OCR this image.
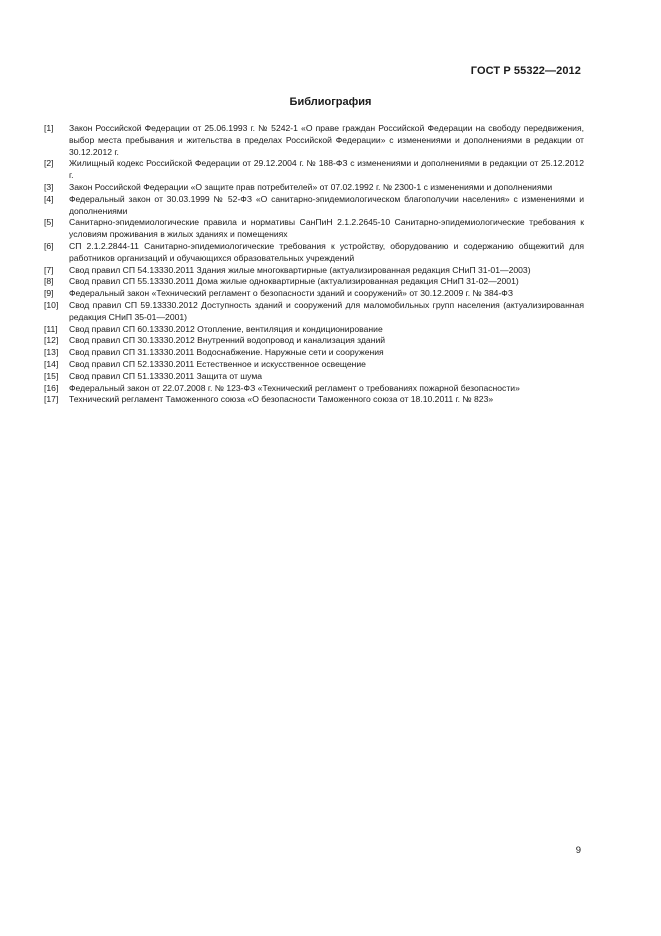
ГОСТ Р 55322—2012
Библиография
[1]	Закон Российской Федерации от 25.06.1993 г. № 5242-1 «О праве граждан Российской Федерации на свободу передвижения, выбор места пребывания и жительства в пределах Российской Федерации» с изменениями и дополнениями в редакции от 30.12.2012 г.
[2]	Жилищный кодекс Российской Федерации от 29.12.2004 г. № 188-ФЗ с изменениями и дополнениями в редакции от 25.12.2012 г.
[3]	Закон Российской Федерации «О защите прав потребителей» от 07.02.1992 г. № 2300-1 с изменениями и дополнениями
[4]	Федеральный закон от 30.03.1999 № 52-ФЗ «О санитарно-эпидемиологическом благополучии населения» с изменениями и дополнениями
[5]	Санитарно-эпидемиологические правила и нормативы СанПиН 2.1.2.2645-10 Санитарно-эпидемиологические требования к условиям проживания в жилых зданиях и помещениях
[6]	СП 2.1.2.2844-11 Санитарно-эпидемиологические требования к устройству, оборудованию и содержанию общежитий для работников организаций и обучающихся образовательных учреждений
[7]	Свод правил СП 54.13330.2011 Здания жилые многоквартирные (актуализированная редакция СНиП 31-01—2003)
[8]	Свод правил СП 55.13330.2011 Дома жилые одноквартирные (актуализированная редакция СНиП 31-02—2001)
[9]	Федеральный закон «Технический регламент о безопасности зданий и сооружений» от 30.12.2009 г. № 384-ФЗ
[10]	Свод правил СП 59.13330.2012 Доступность зданий и сооружений для маломобильных групп населения (актуализированная редакция СНиП 35-01—2001)
[11]	Свод правил СП 60.13330.2012 Отопление, вентиляция и кондиционирование
[12]	Свод правил СП 30.13330.2012 Внутренний водопровод и канализация зданий
[13]	Свод правил СП 31.13330.2011 Водоснабжение. Наружные сети и сооружения
[14]	Свод правил СП 52.13330.2011 Естественное и искусственное освещение
[15]	Свод правил СП 51.13330.2011 Защита от шума
[16]	Федеральный закон от 22.07.2008 г. № 123-ФЗ «Технический регламент о требованиях пожарной безопасности»
[17]	Технический регламент Таможенного союза «О безопасности Таможенного союза от 18.10.2011 г. № 823»
9
